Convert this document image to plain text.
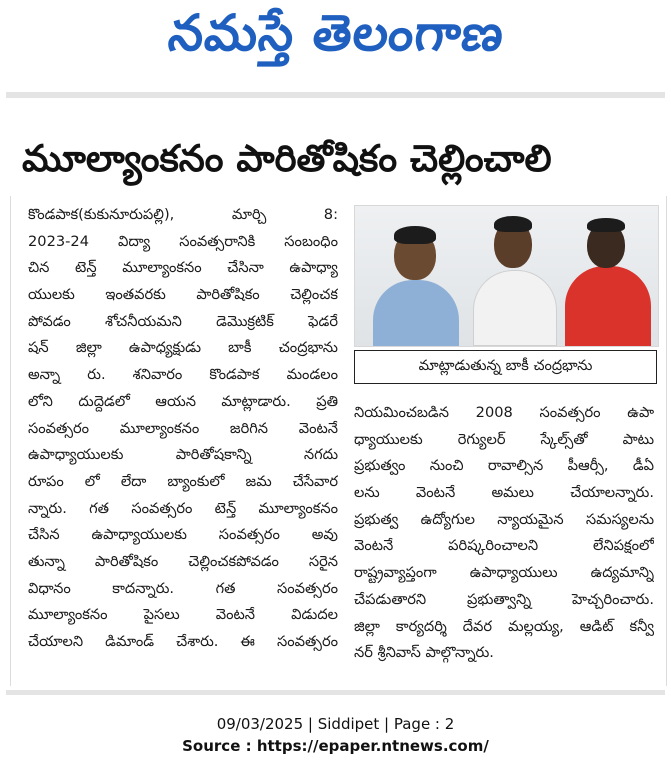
నమస్తే తెలంగాణ
మూల్యాంకనం పారితోషికం చెల్లించాలి
కొండపాక(కుకునూరుపల్లి), మార్చి 8:
2023-24 విద్యా సంవత్సరానికి సంబంధిం
చిన టెన్త్ మూల్యాంకనం చేసినా ఉపాధ్యా
యులకు ఇంతవరకు పారితోషికం చెల్లించక
పోవడం శోచనీయమని డెమొక్రటిక్ ఫెడరే
షన్ జిల్లా ఉపాధ్యక్షుడు బాకీ చంద్రభాను
అన్నా రు. శనివారం కొండపాక మండలం
లోని దుద్దెడలో ఆయన మాట్లాడారు. ప్రతి
సంవత్సరం మూల్యాంకనం జరిగిన వెంటనే
ఉపాధ్యాయులకు పారితోషకాన్ని నగదు
రూపం లో లేదా బ్యాంకులో జమ చేసేవార
న్నారు. గత సంవత్సరం టెన్త్ మూల్యాంకనం
చేసిన ఉపాధ్యాయులకు సంవత్సరం అవు
తున్నా పారితోషికం చెల్లించకపోవడం సరైన
విధానం కాదన్నారు. గత సంవత్సరం
మూల్యాంకనం పైసలు వెంటనే విడుదల
చేయాలని డిమాండ్ చేశారు. ఈ సంవత్సరం
మాట్లాడుతున్న బాకీ చంద్రభాను
నియమించబడిన 2008 సంవత్సరం ఉపా
ధ్యాయులకు రెగ్యులర్ స్కేల్స్‌తో పాటు
ప్రభుత్వం నుంచి రావాల్సిన పీఆర్సీ, డీఏ
లను వెంటనే అమలు చేయాలన్నారు.
ప్రభుత్వ ఉద్యోగుల న్యాయమైన సమస్యలను
వెంటనే పరిష్కరించాలని లేనిపక్షంలో
రాష్ట్రవ్యాప్తంగా ఉపాధ్యాయులు ఉద్యమాన్ని
చేపడుతారని ప్రభుత్వాన్ని హెచ్చరించారు.
జిల్లా కార్యదర్శి దేవర మల్లయ్య, ఆడిట్ కన్వీ
నర్ శ్రీనివాస్ పాల్గొన్నారు.
09/03/2025 | Siddipet | Page : 2
Source : https://epaper.ntnews.com/
